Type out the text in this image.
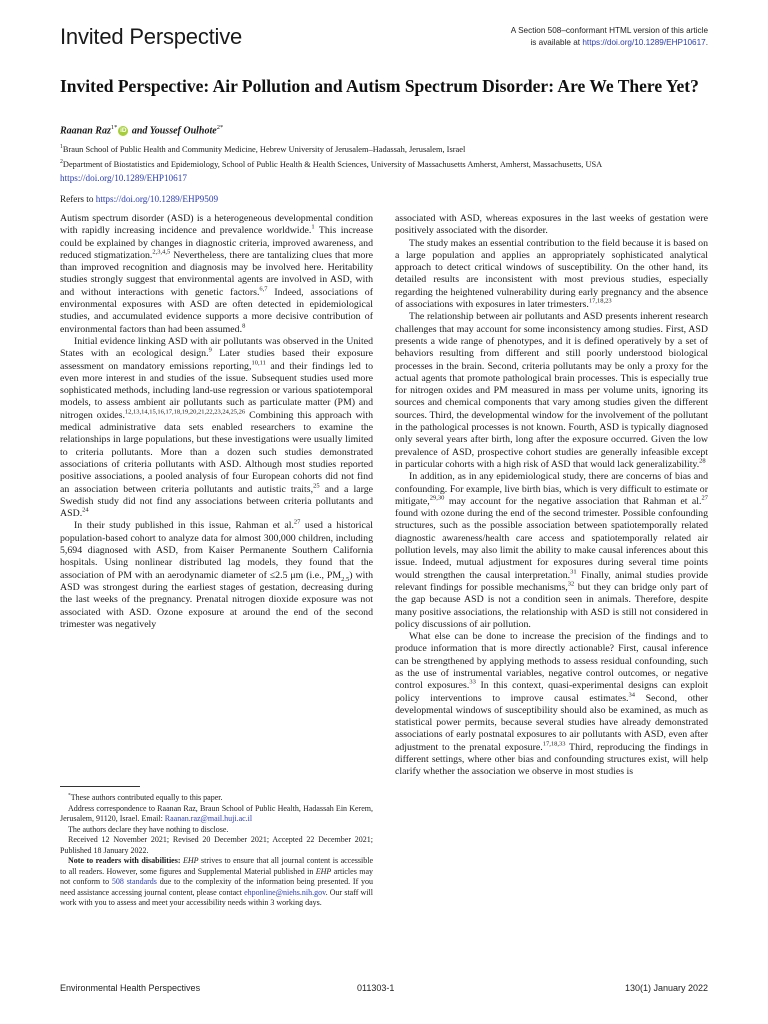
Invited Perspective	A Section 508–conformant HTML version of this article
is available at https://doi.org/10.1289/EHP10617.
Invited Perspective: Air Pollution and Autism Spectrum Disorder: Are We There Yet?
Raanan Raz$^{1*}$ iD and Youssef Oulhote$^{2*}$
$^1$Braun School of Public Health and Community Medicine, Hebrew University of Jerusalem–Hadassah, Jerusalem, Israel
$^2$Department of Biostatistics and Epidemiology, School of Public Health & Health Sciences, University of Massachusetts Amherst, Amherst, Massachusetts, USA
https://doi.org/10.1289/EHP10617
Refers to https://doi.org/10.1289/EHP9509

Autism spectrum disorder (ASD) is a heterogeneous developmental condition with rapidly increasing incidence and prevalence worldwide.$^1$ This increase could be explained by changes in diagnostic criteria, improved awareness, and reduced stigmatization.$^{2,3,4,5}$ Nevertheless, there are tantalizing clues that more than improved recognition and diagnosis may be involved here. Heritability studies strongly suggest that environmental agents are involved in ASD, with and without interactions with genetic factors.$^{6,7}$ Indeed, associations of environmental exposures with ASD are often detected in epidemiological studies, and accumulated evidence supports a more decisive contribution of environmental factors than had been assumed.$^8$

Initial evidence linking ASD with air pollutants was observed in the United States with an ecological design.$^9$ Later studies based their exposure assessment on mandatory emissions reporting,$^{10,11}$ and their findings led to even more interest in and studies of the issue. Subsequent studies used more sophisticated methods, including land-use regression or various spatiotemporal models, to assess ambient air pollutants such as particulate matter (PM) and nitrogen oxides.$^{12,13,14,15,16,17,18,19,20,21,22,23,24,25,26}$ Combining this approach with medical administrative data sets enabled researchers to examine the relationships in large populations, but these investigations were usually limited to criteria pollutants. More than a dozen such studies demonstrated associations of criteria pollutants with ASD. Although most studies reported positive associations, a pooled analysis of four European cohorts did not find an association between criteria pollutants and autistic traits,$^{25}$ and a large Swedish study did not find any associations between criteria pollutants and ASD.$^{24}$

In their study published in this issue, Rahman et al.$^{27}$ used a historical population-based cohort to analyze data for almost 300,000 children, including 5,694 diagnosed with ASD, from Kaiser Permanente Southern California hospitals. Using nonlinear distributed lag models, they found that the association of PM with an aerodynamic diameter of ≤2.5 μm (i.e., $PM_{2.5}$) with ASD was strongest during the earliest stages of gestation, decreasing during the last weeks of the pregnancy. Prenatal nitrogen dioxide exposure was not associated with ASD. Ozone exposure at around the end of the second trimester was negatively

associated with ASD, whereas exposures in the last weeks of gestation were positively associated with the disorder.

The study makes an essential contribution to the field because it is based on a large population and applies an appropriately sophisticated analytical approach to detect critical windows of susceptibility. On the other hand, its detailed results are inconsistent with most previous studies, especially regarding the heightened vulnerability during early pregnancy and the absence of associations with exposures in later trimesters.$^{17,18,23}$

The relationship between air pollutants and ASD presents inherent research challenges that may account for some inconsistency among studies. First, ASD presents a wide range of phenotypes, and it is defined operatively by a set of behaviors resulting from different and still poorly understood biological processes in the brain. Second, criteria pollutants may be only a proxy for the actual agents that promote pathological brain processes. This is especially true for nitrogen oxides and PM measured in mass per volume units, ignoring its sources and chemical components that vary among studies given the different sources. Third, the developmental window for the involvement of the pollutant in the pathological processes is not known. Fourth, ASD is typically diagnosed only several years after birth, long after the exposure occurred. Given the low prevalence of ASD, prospective cohort studies are generally infeasible except in particular cohorts with a high risk of ASD that would lack generalizability.$^{28}$

In addition, as in any epidemiological study, there are concerns of bias and confounding. For example, live birth bias, which is very difficult to estimate or mitigate,$^{29,30}$ may account for the negative association that Rahman et al.$^{27}$ found with ozone during the end of the second trimester. Possible confounding structures, such as the possible association between spatiotemporally related diagnostic awareness/health care access and spatiotemporally related air pollution levels, may also limit the ability to make causal inferences about this issue. Indeed, mutual adjustment for exposures during several time points would strengthen the causal interpretation.$^{31}$ Finally, animal studies provide relevant findings for possible mechanisms,$^{32}$ but they can bridge only part of the gap because ASD is not a condition seen in animals. Therefore, despite many positive associations, the relationship with ASD is still not considered in policy discussions of air pollution.

What else can be done to increase the precision of the findings and to produce information that is more directly actionable? First, causal inference can be strengthened by applying methods to assess residual confounding, such as the use of instrumental variables, negative control outcomes, or negative control exposures.$^{33}$ In this context, quasi-experimental designs can exploit policy interventions to improve causal estimates.$^{34}$ Second, other developmental windows of susceptibility should also be examined, as much as statistical power permits, because several studies have already demonstrated associations of early postnatal exposures to air pollutants with ASD, even after adjustment to the prenatal exposure.$^{17,18,33}$ Third, reproducing the findings in different settings, where other bias and confounding structures exist, will help clarify whether the association we observe in most studies is

*These authors contributed equally to this paper.

Address correspondence to Raanan Raz, Braun School of Public Health, Hadassah Ein Kerem, Jerusalem, 91120, Israel. Email: Raanan.raz@mail.huji.ac.il

The authors declare they have nothing to disclose.

Received 12 November 2021; Revised 20 December 2021; Accepted 22 December 2021; Published 18 January 2022.

Note to readers with disabilities: EHP strives to ensure that all journal content is accessible to all readers. However, some figures and Supplemental Material published in EHP articles may not conform to 508 standards due to the complexity of the information being presented. If you need assistance accessing journal content, please contact ehponline@niehs.nih.gov. Our staff will work with you to assess and meet your accessibility needs within 3 working days.

Environmental Health Perspectives	011303-1	130(1) January 2022
